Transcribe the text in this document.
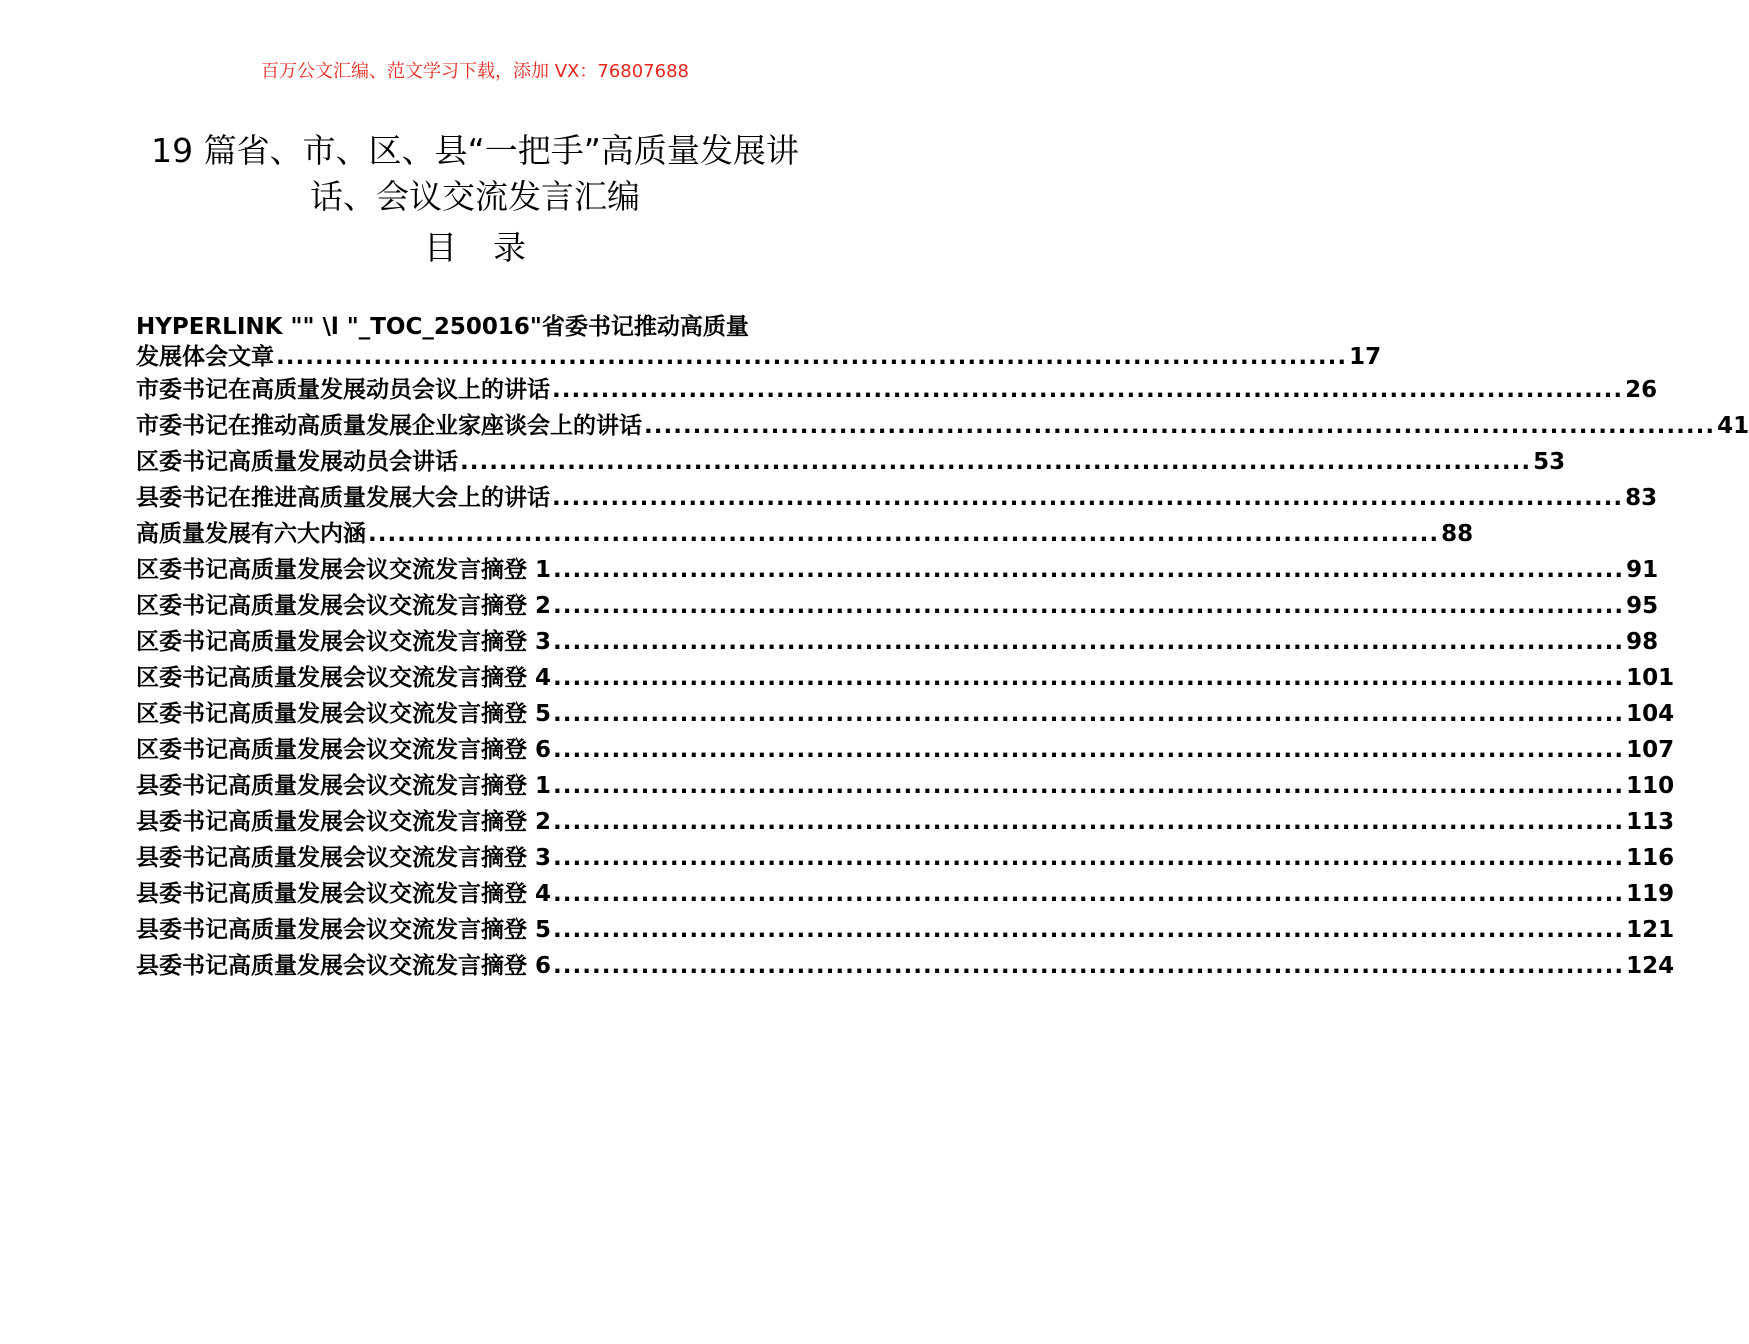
百万公文汇编、范文学习下载，添加 VX：76807688
19 篇省、市、区、县“一把手”高质量发展讲
话、会议交流发言汇编
目录
HYPERLINK "" \l "_TOC_250016"省委书记推动高质量
发展体会文章 .............................................................................................................. 17
市委书记在高质量发展动员会议上的讲话 .............................................................................................................. 26
市委书记在推动高质量发展企业家座谈会上的讲话 .............................................................................................................. 41
区委书记高质量发展动员会讲话 .............................................................................................................. 53
县委书记在推进高质量发展大会上的讲话 .............................................................................................................. 83
高质量发展有六大内涵 .............................................................................................................. 88
区委书记高质量发展会议交流发言摘登 1 .............................................................................................................. 91
区委书记高质量发展会议交流发言摘登 2 .............................................................................................................. 95
区委书记高质量发展会议交流发言摘登 3 .............................................................................................................. 98
区委书记高质量发展会议交流发言摘登 4 .............................................................................................................. 101
区委书记高质量发展会议交流发言摘登 5 .............................................................................................................. 104
区委书记高质量发展会议交流发言摘登 6 .............................................................................................................. 107
县委书记高质量发展会议交流发言摘登 1 .............................................................................................................. 110
县委书记高质量发展会议交流发言摘登 2 .............................................................................................................. 113
县委书记高质量发展会议交流发言摘登 3 .............................................................................................................. 116
县委书记高质量发展会议交流发言摘登 4 .............................................................................................................. 119
县委书记高质量发展会议交流发言摘登 5 .............................................................................................................. 121
县委书记高质量发展会议交流发言摘登 6 .............................................................................................................. 124
